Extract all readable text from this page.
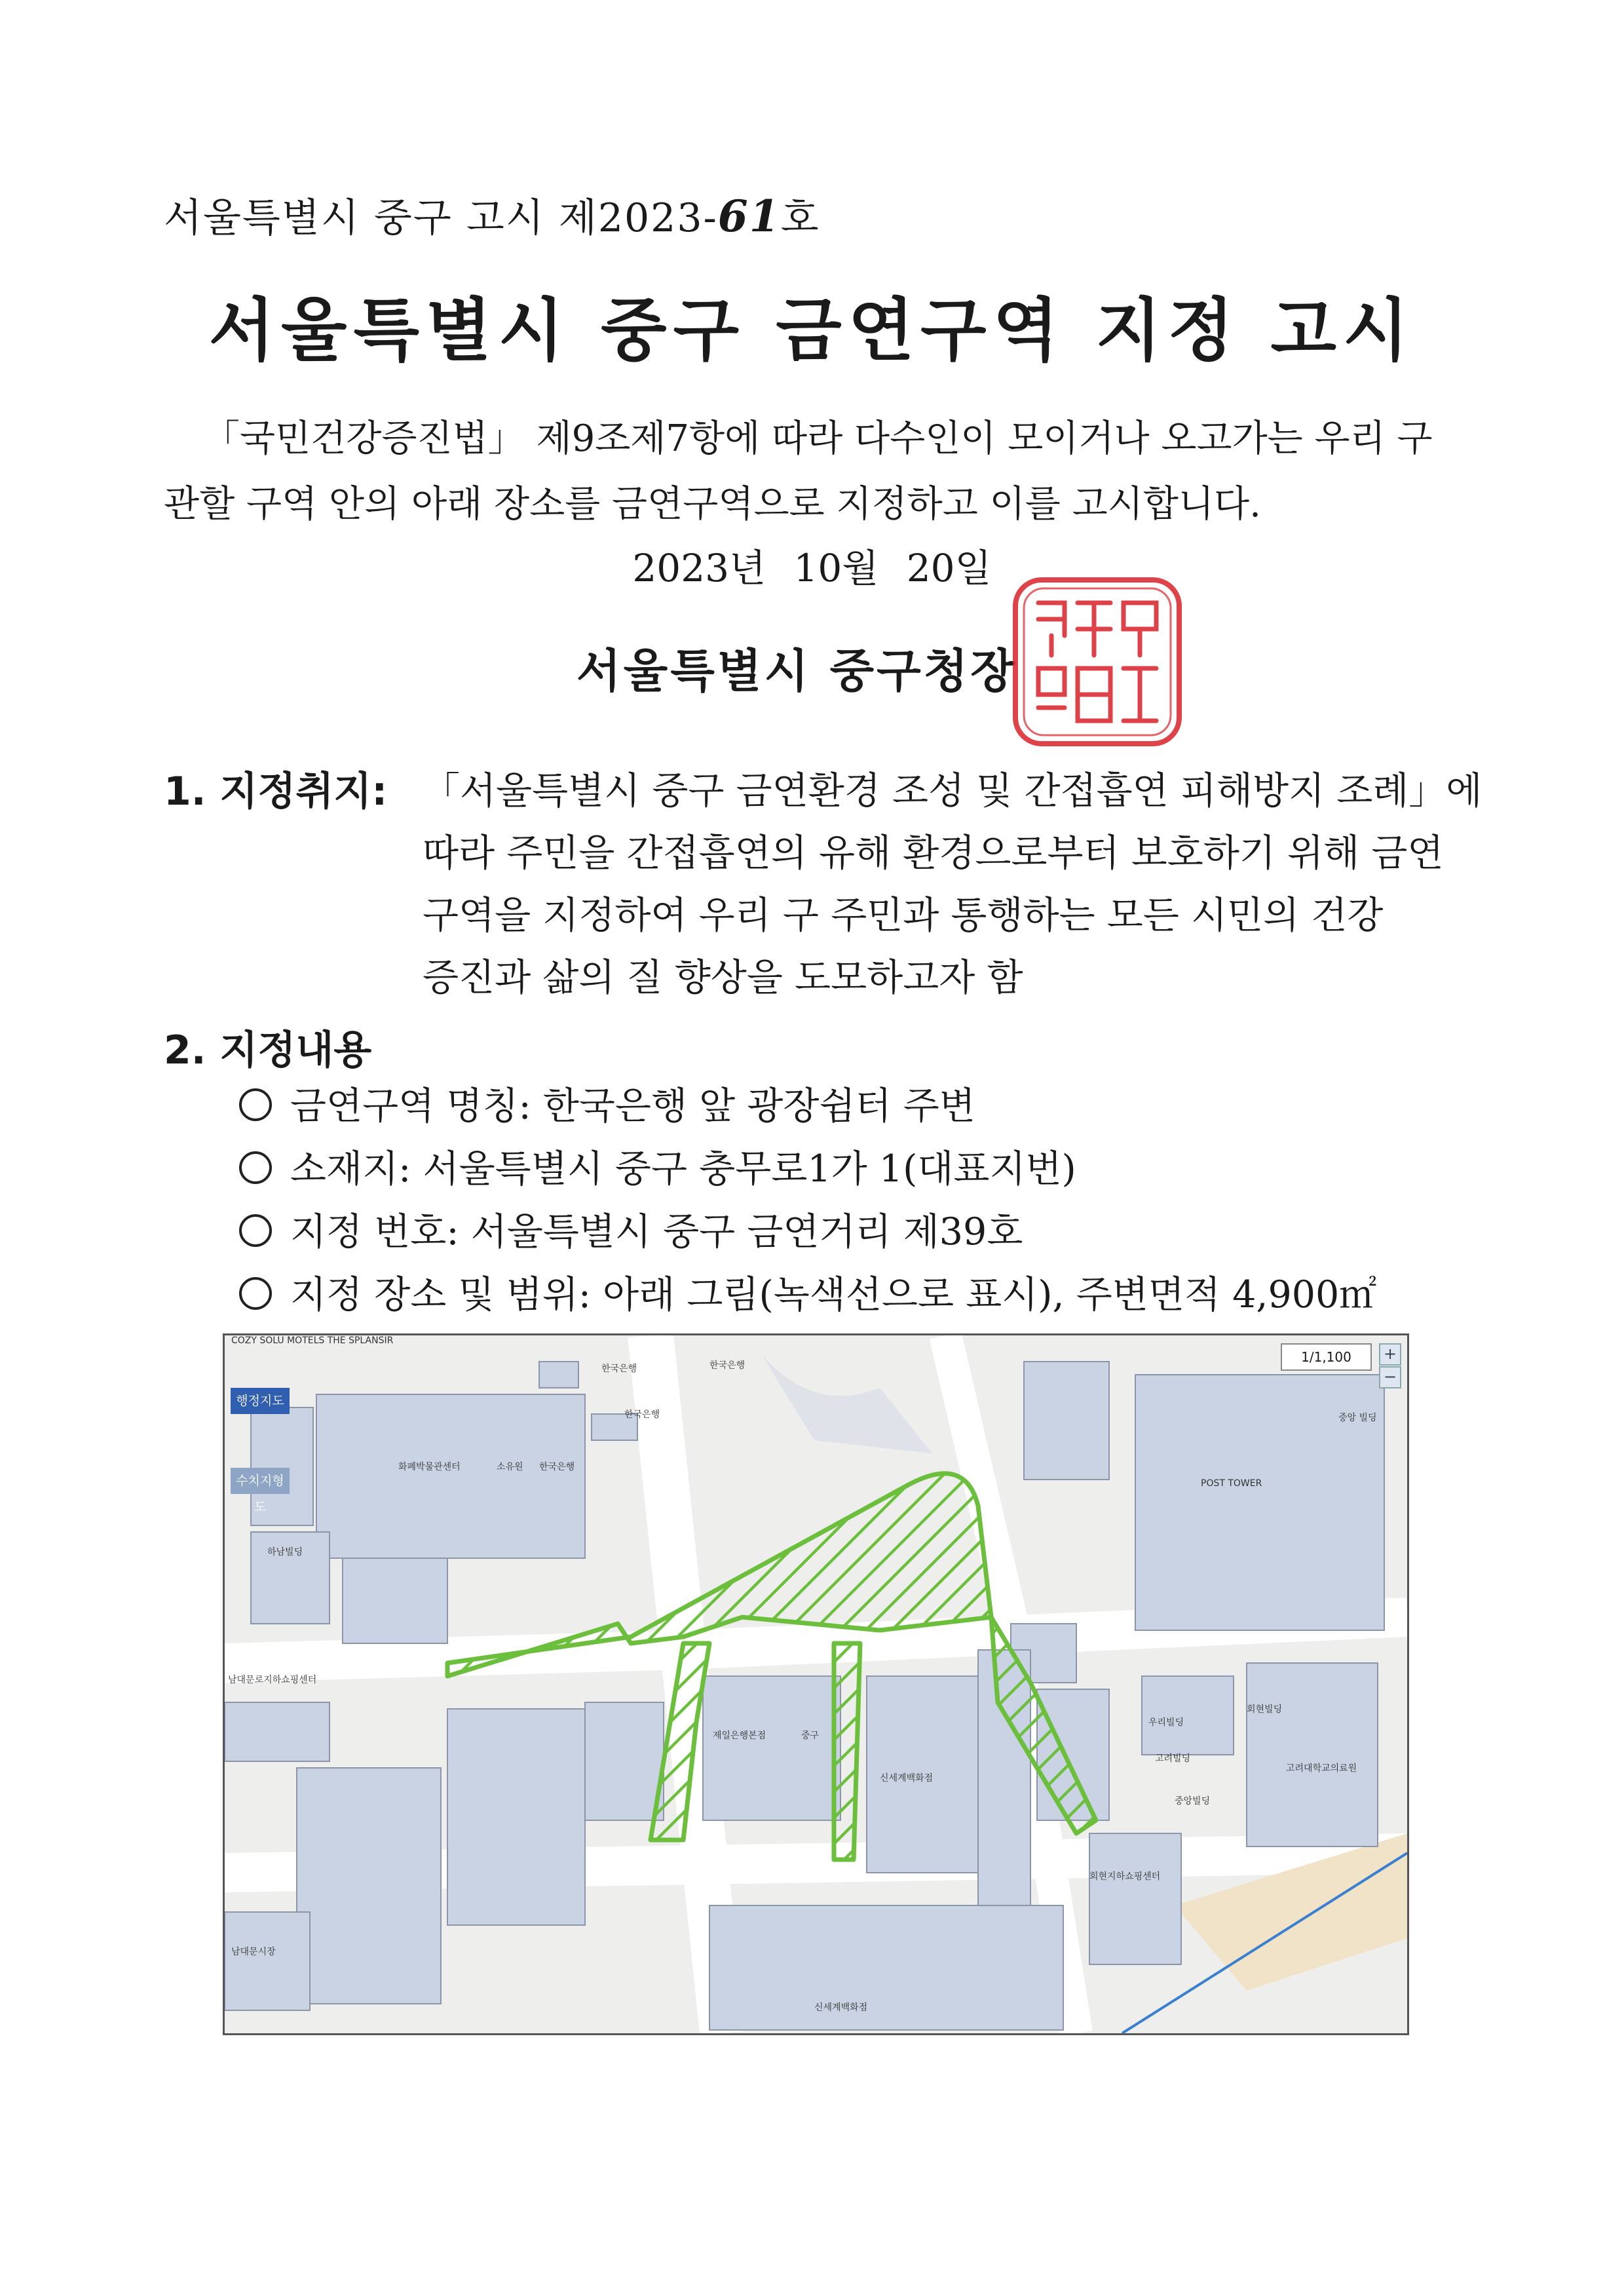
서울특별시 중구 고시 제2023-61호
서울특별시 중구 금연구역 지정 고시
「국민건강증진법」 제9조제7항에 따라 다수인이 모이거나 오고가는 우리 구
관할 구역 안의 아래 장소를 금연구역으로 지정하고 이를 고시합니다.
2023년 10월 20일
서울특별시 중구청장
1. 지정취지: 「서울특별시 중구 금연환경 조성 및 간접흡연 피해방지 조례」에
따라 주민을 간접흡연의 유해 환경으로부터 보호하기 위해 금연
구역을 지정하여 우리 구 주민과 통행하는 모든 시민의 건강
증진과 삶의 질 향상을 도모하고자 함
2. 지정내용
금연구역 명칭: 한국은행 앞 광장쉼터 주변
소재지: 서울특별시 중구 충무로1가 1(대표지번)
지정 번호: 서울특별시 중구 금연거리 제39호
지정 장소 및 범위: 아래 그림(녹색선으로 표시), 주변면적 4,900㎡
COZY SOLU MOTELS THE SPLANSIR
한국은행	한국은행
한국은행
화폐박물관센터	소유원 한국은행
하남빌딩
POST TOWER
중앙 빌딩
남대문로지하쇼핑센터
제일은행본점	중구
신세계백화점
우리빌딩
회현빌딩
고려빌딩
고려대학교의료원
중앙빌딩
회현지하쇼핑센터
남대문시장
신세계백화점
1/1,100	+
−
행정지도
수치지형도
